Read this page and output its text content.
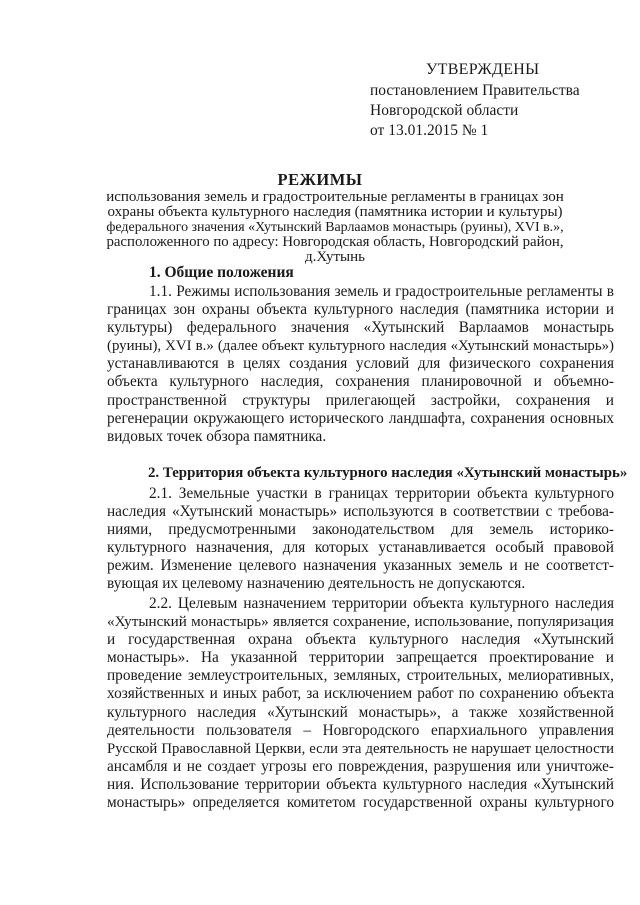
УТВЕРЖДЕНЫ
постановлением Правительства
Новгородской области
от 13.01.2015 № 1
РЕЖИМЫ
использования земель и градостроительные регламенты в границах зон
охраны объекта культурного наследия (памятника истории и культуры)
федерального значения «Хутынский Варлаамов монастырь (руины), XVI в.»,
расположенного по адресу: Новгородская область, Новгородский район,
д.Хутынь
1. Общие положения
1.1. Режимы использования земель и градостроительные регламенты в
границах зон охраны объекта культурного наследия (памятника истории и
культуры) федерального значения «Хутынский Варлаамов монастырь
(руины), XVI в.» (далее объект культурного наследия «Хутынский монастырь»)
устанавливаются в целях создания условий для физического сохранения
объекта культурного наследия, сохранения планировочной и объемно-
пространственной структуры прилегающей застройки, сохранения и
регенерации окружающего исторического ландшафта, сохранения основных
видовых точек обзора памятника.
2. Территория объекта культурного наследия «Хутынский монастырь»
2.1. Земельные участки в границах территории объекта культурного
наследия «Хутынский монастырь» используются в соответствии с требова-
ниями, предусмотренными законодательством для земель историко-
культурного назначения, для которых устанавливается особый правовой
режим. Изменение целевого назначения указанных земель и не соответст-
вующая их целевому назначению деятельность не допускаются.
2.2. Целевым назначением территории объекта культурного наследия
«Хутынский монастырь» является сохранение, использование, популяризация
и государственная охрана объекта культурного наследия «Хутынский
монастырь». На указанной территории запрещается проектирование и
проведение землеустроительных, земляных, строительных, мелиоративных,
хозяйственных и иных работ, за исключением работ по сохранению объекта
культурного наследия «Хутынский монастырь», а также хозяйственной
деятельности пользователя – Новгородского епархиального управления
Русской Православной Церкви, если эта деятельность не нарушает целостности
ансамбля и не создает угрозы его повреждения, разрушения или уничтоже-
ния. Использование территории объекта культурного наследия «Хутынский
монастырь» определяется комитетом государственной охраны культурного
